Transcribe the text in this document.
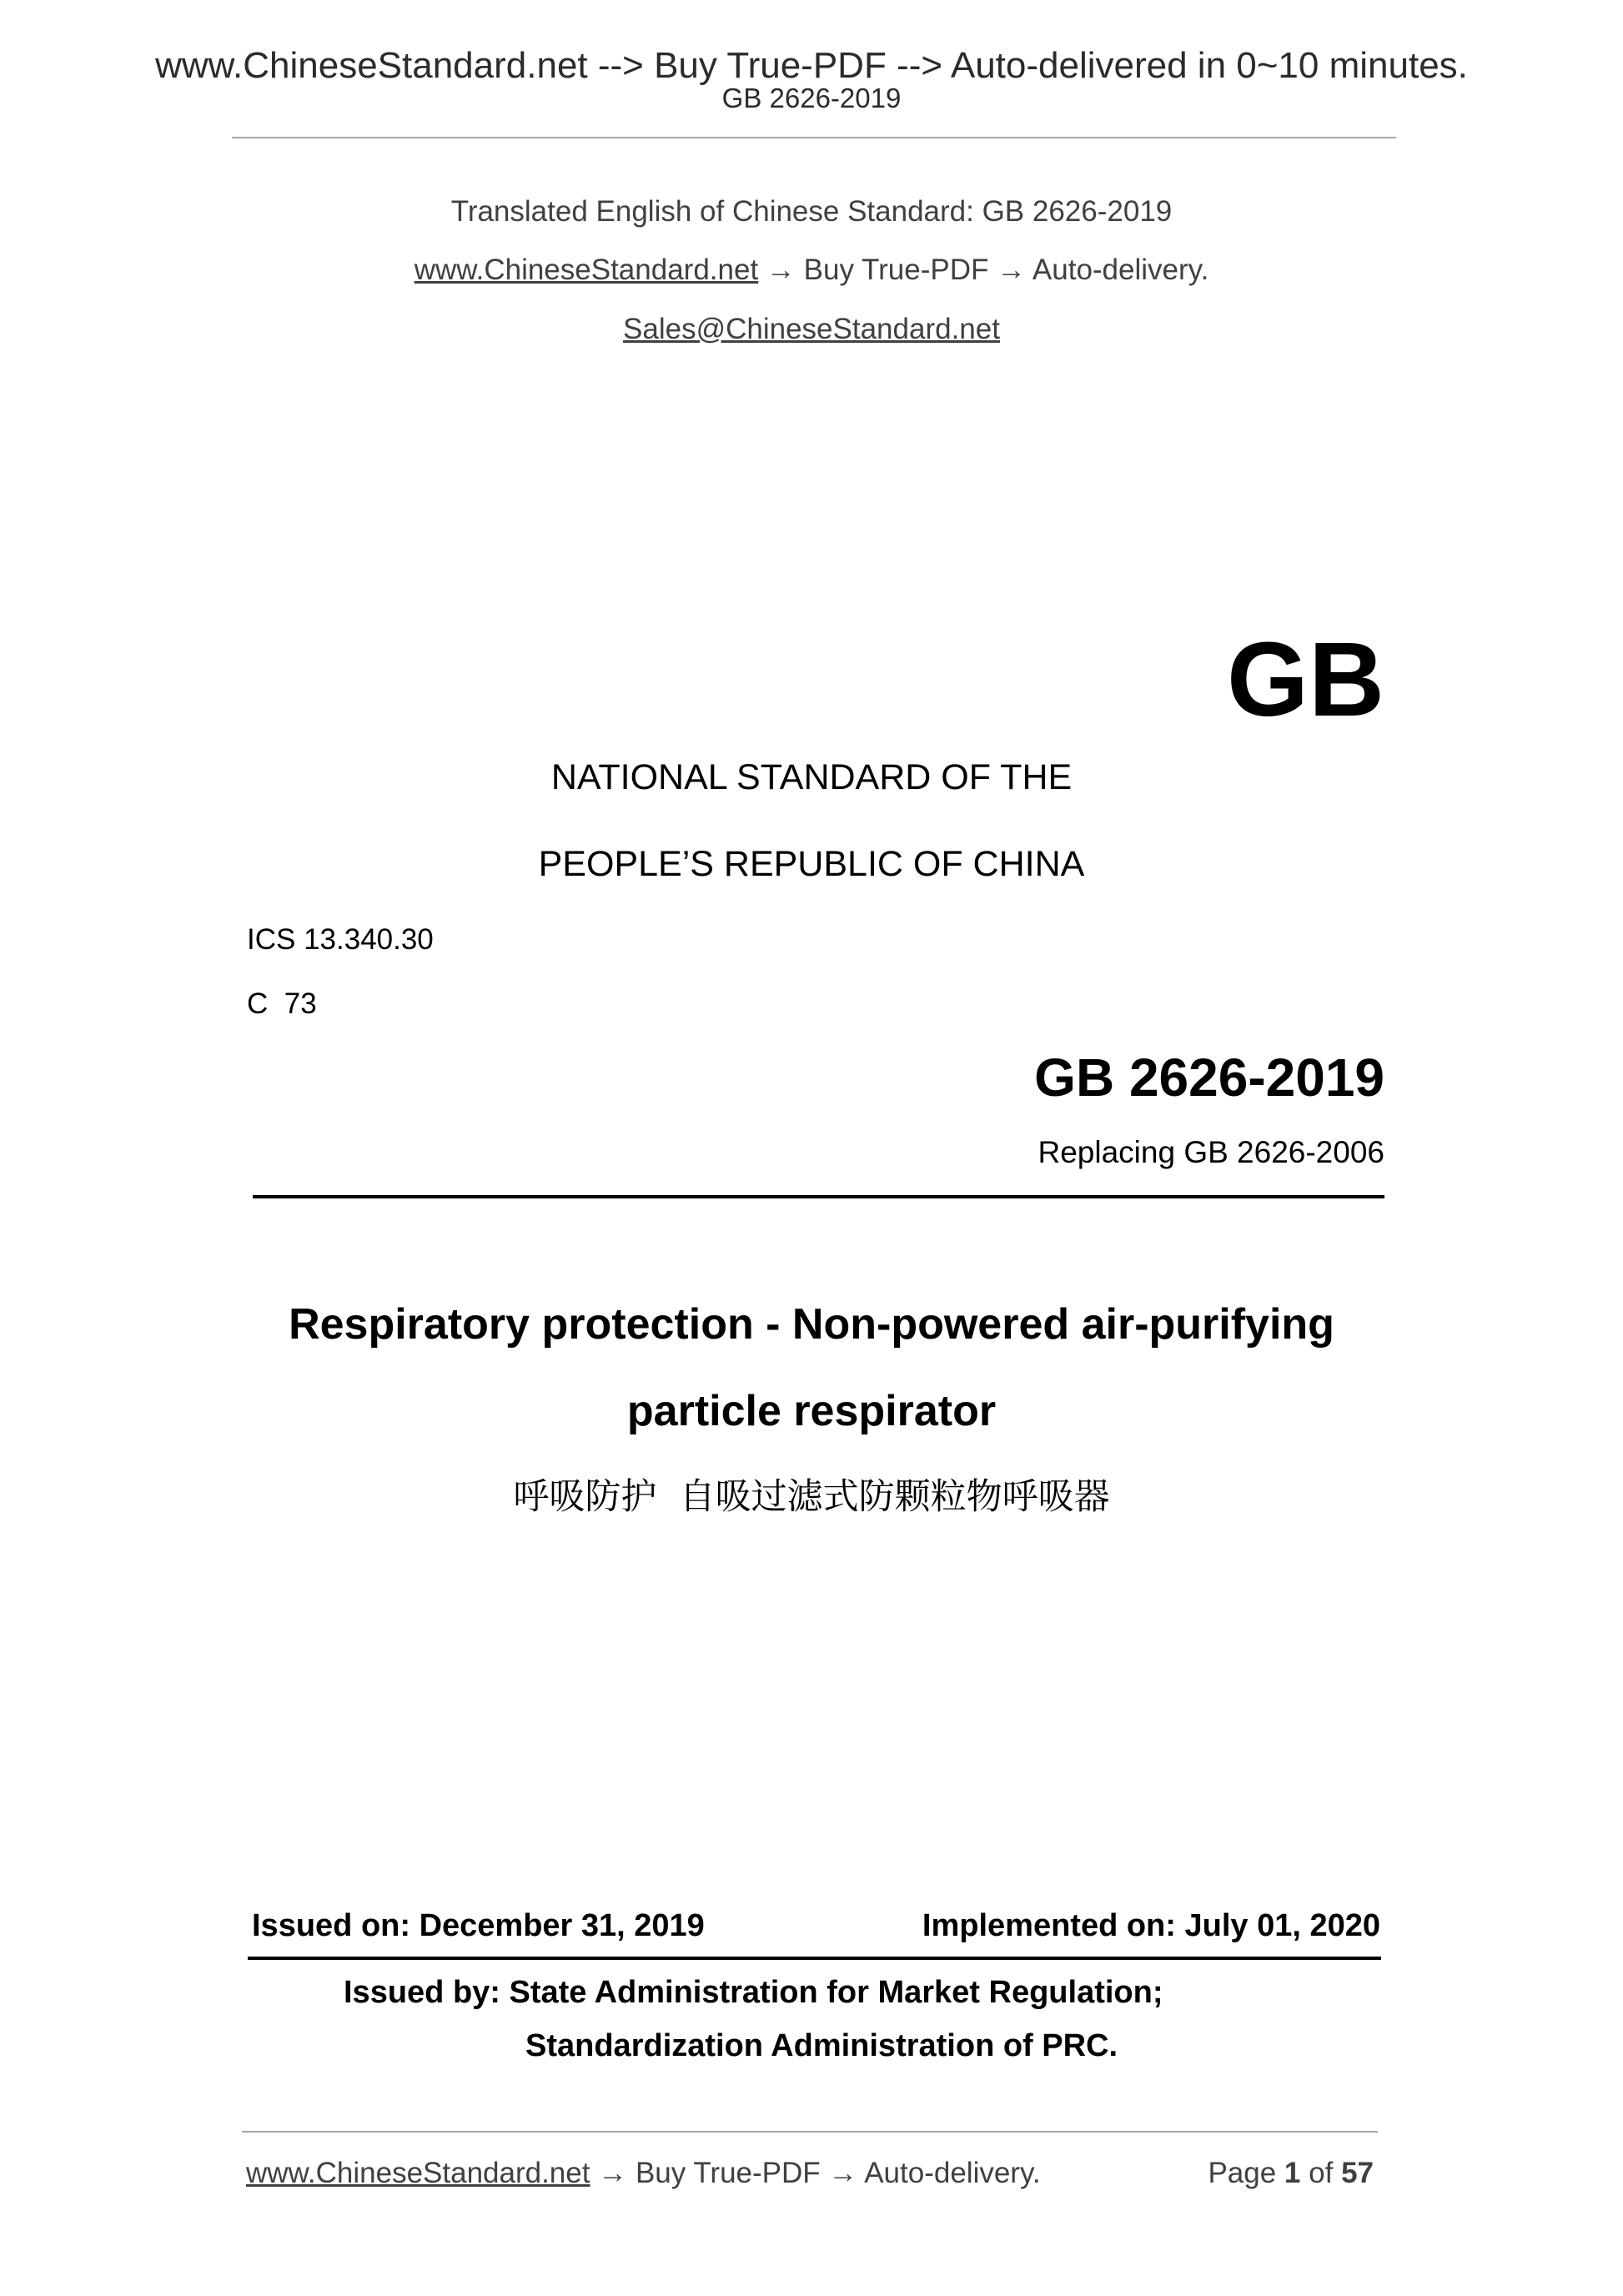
www.ChineseStandard.net --> Buy True-PDF --> Auto-delivered in 0~10 minutes.
GB 2626-2019
Translated English of Chinese Standard: GB 2626-2019
www.ChineseStandard.net → Buy True-PDF → Auto-delivery.
Sales@ChineseStandard.net
GB
NATIONAL STANDARD OF THE
PEOPLE’S REPUBLIC OF CHINA
ICS 13.340.30
C  73
GB 2626-2019
Replacing GB 2626-2006
Respiratory protection - Non-powered air-purifying
particle respirator
呼吸防护  自吸过滤式防颗粒物呼吸器
Issued on: December 31, 2019	Implemented on: July 01, 2020
Issued by: State Administration for Market Regulation;
Standardization Administration of PRC.
www.ChineseStandard.net → Buy True-PDF → Auto-delivery.	Page 1 of 57
